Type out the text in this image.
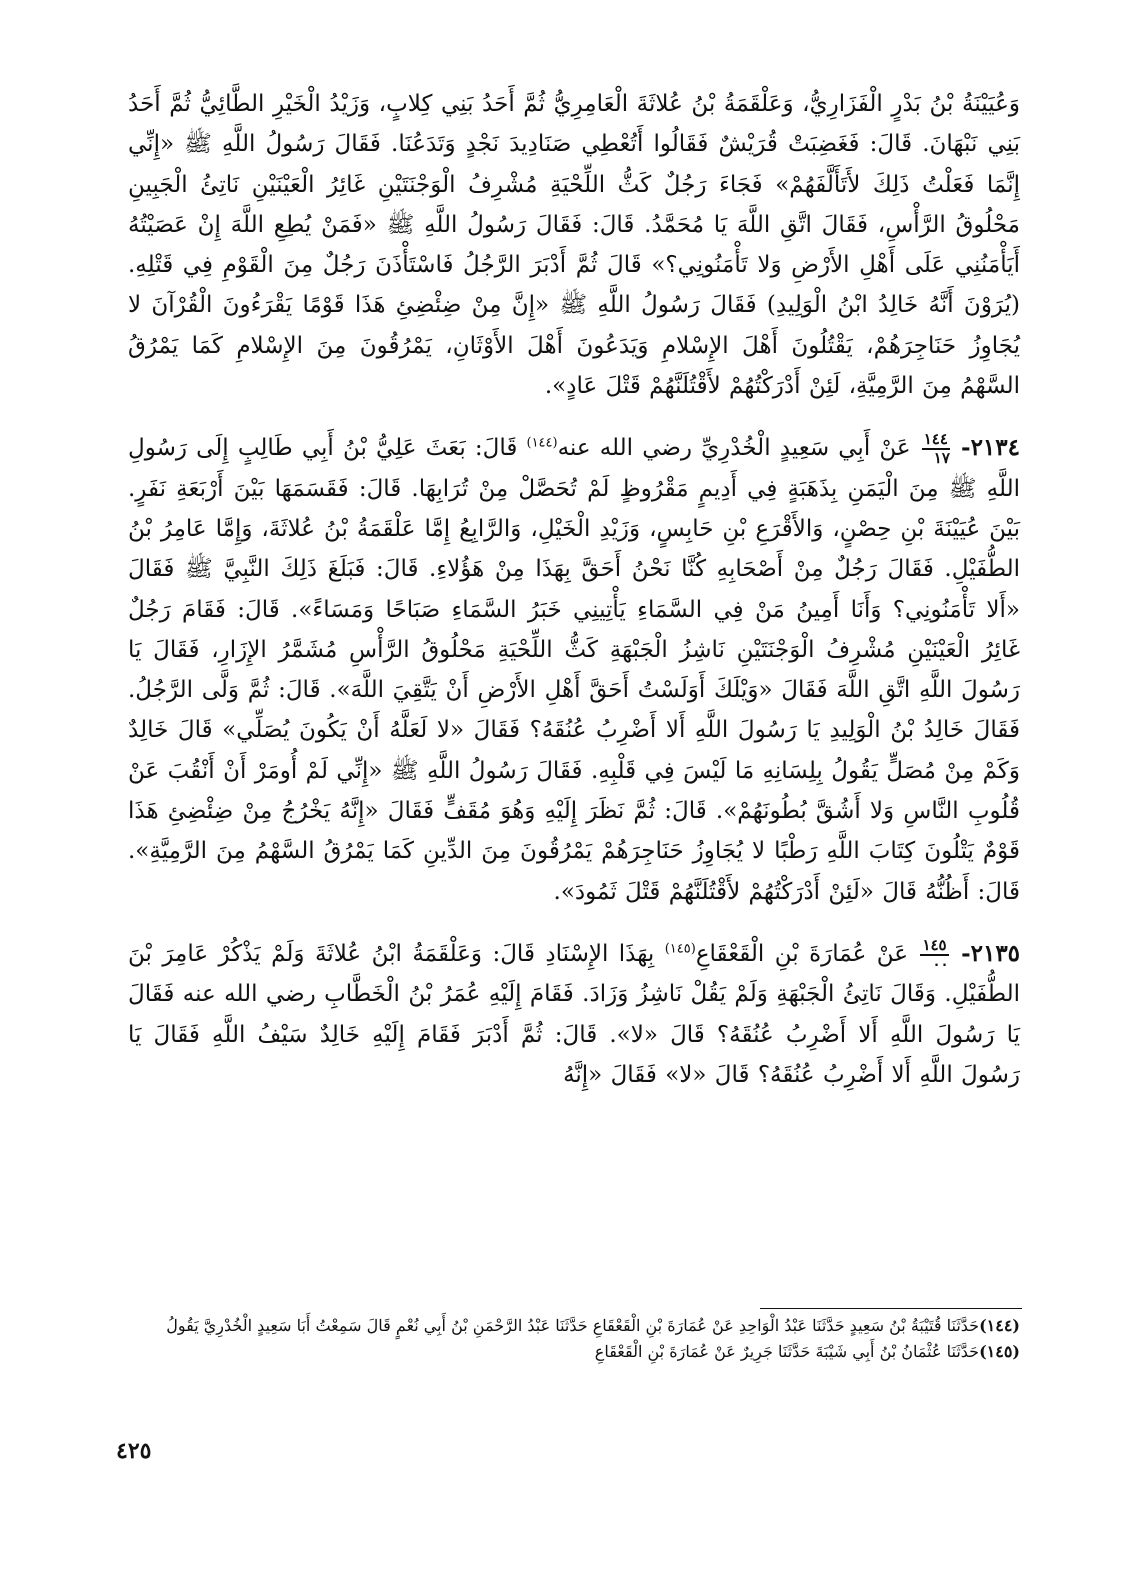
وَعُيَيْنَةُ بْنُ بَدْرٍ الْفَزَارِيُّ، وَعَلْقَمَةُ بْنُ عُلاثَةَ الْعَامِرِيُّ ثُمَّ أَحَدُ بَنِي كِلابٍ، وَزَيْدُ الْخَيْرِ الطَّائِيُّ ثُمَّ أَحَدُ بَنِي نَبْهَانَ. قَالَ: فَغَضِبَتْ قُرَيْشٌ فَقَالُوا أَتُعْطِي صَنَادِيدَ نَجْدٍ وَتَدَعُنَا. فَقَالَ رَسُولُ اللَّهِ ﷺ «إِنِّي إِنَّمَا فَعَلْتُ ذَلِكَ لأَتَأَلَّفَهُمْ» فَجَاءَ رَجُلٌ كَثُّ اللِّحْيَةِ مُشْرِفُ الْوَجْنَتَيْنِ غَائِرُ الْعَيْنَيْنِ نَاتِئُ الْجَبِينِ مَحْلُوقُ الرَّأْسِ، فَقَالَ اتَّقِ اللَّهَ يَا مُحَمَّدُ. قَالَ: فَقَالَ رَسُولُ اللَّهِ ﷺ «فَمَنْ يُطِعِ اللَّهَ إِنْ عَصَيْتُهُ أَيَأْمَنُنِي عَلَى أَهْلِ الأَرْضِ وَلا تَأْمَنُونِي؟» قَالَ ثُمَّ أَدْبَرَ الرَّجُلُ فَاسْتَأْذَنَ رَجُلٌ مِنَ الْقَوْمِ فِي قَتْلِهِ. (يُرَوْنَ أَنَّهُ خَالِدُ ابْنُ الْوَلِيدِ) فَقَالَ رَسُولُ اللَّهِ ﷺ «إِنَّ مِنْ ضِئْضِئِ هَذَا قَوْمًا يَقْرَءُونَ الْقُرْآنَ لا يُجَاوِزُ حَنَاجِرَهُمْ، يَقْتُلُونَ أَهْلَ الإِسْلامِ وَيَدَعُونَ أَهْلَ الأَوْثَانِ، يَمْرُقُونَ مِنَ الإِسْلامِ كَمَا يَمْرُقُ السَّهْمُ مِنَ الرَّمِيَّةِ، لَئِنْ أَدْرَكْتُهُمْ لأَقْتُلَنَّهُمْ قَتْلَ عَادٍ».

٢١٣٤-
$\frac{١٤٤}{١٧}$
عَنْ أَبِي سَعِيدٍ الْخُدْرِيِّ رضي الله عنه$^{(١٤٤)}$ قَالَ: بَعَثَ عَلِيُّ بْنُ أَبِي طَالِبٍ إِلَى رَسُولِ اللَّهِ ﷺ مِنَ الْيَمَنِ بِذَهَبَةٍ فِي أَدِيمٍ مَقْرُوظٍ لَمْ تُحَصَّلْ مِنْ تُرَابِهَا. قَالَ: فَقَسَمَهَا بَيْنَ أَرْبَعَةِ نَفَرٍ. بَيْنَ عُيَيْنَةَ بْنِ حِصْنٍ، وَالأَقْرَعِ بْنِ حَابِسٍ، وَزَيْدِ الْخَيْلِ، وَالرَّابِعُ إِمَّا عَلْقَمَةُ بْنُ عُلاثَةَ، وَإِمَّا عَامِرُ بْنُ الطُّفَيْلِ. فَقَالَ رَجُلٌ مِنْ أَصْحَابِهِ كُنَّا نَحْنُ أَحَقَّ بِهَذَا مِنْ هَؤُلاءِ. قَالَ: فَبَلَغَ ذَلِكَ النَّبِيَّ ﷺ فَقَالَ «أَلا تَأْمَنُونِي؟ وَأَنَا أَمِينُ مَنْ فِي السَّمَاءِ يَأْتِينِي خَبَرُ السَّمَاءِ صَبَاحًا وَمَسَاءً». قَالَ: فَقَامَ رَجُلٌ غَائِرُ الْعَيْنَيْنِ مُشْرِفُ الْوَجْنَتَيْنِ نَاشِزُ الْجَبْهَةِ كَثُّ اللِّحْيَةِ مَحْلُوقُ الرَّأْسِ مُشَمَّرُ الإِزَارِ، فَقَالَ يَا رَسُولَ اللَّهِ اتَّقِ اللَّهَ فَقَالَ «وَيْلَكَ أَوَلَسْتُ أَحَقَّ أَهْلِ الأَرْضِ أَنْ يَتَّقِيَ اللَّهَ». قَالَ: ثُمَّ وَلَّى الرَّجُلُ. فَقَالَ خَالِدُ بْنُ الْوَلِيدِ يَا رَسُولَ اللَّهِ أَلا أَضْرِبُ عُنُقَهُ؟ فَقَالَ «لا لَعَلَّهُ أَنْ يَكُونَ يُصَلِّي» قَالَ خَالِدٌ وَكَمْ مِنْ مُصَلٍّ يَقُولُ بِلِسَانِهِ مَا لَيْسَ فِي قَلْبِهِ. فَقَالَ رَسُولُ اللَّهِ ﷺ «إِنِّي لَمْ أُومَرْ أَنْ أَنْقُبَ عَنْ قُلُوبِ النَّاسِ وَلا أَشُقَّ بُطُونَهُمْ». قَالَ: ثُمَّ نَظَرَ إِلَيْهِ وَهُوَ مُقَفٍّ فَقَالَ «إِنَّهُ يَخْرُجُ مِنْ ضِئْضِئِ هَذَا قَوْمٌ يَتْلُونَ كِتَابَ اللَّهِ رَطْبًا لا يُجَاوِزُ حَنَاجِرَهُمْ يَمْرُقُونَ مِنَ الدِّينِ كَمَا يَمْرُقُ السَّهْمُ مِنَ الرَّمِيَّةِ». قَالَ: أَظُنُّهُ قَالَ «لَئِنْ أَدْرَكْتُهُمْ لأَقْتُلَنَّهُمْ قَتْلَ ثَمُودَ».

٢١٣٥-
$\frac{١٤٥}{٠٠}$
عَنْ عُمَارَةَ بْنِ الْقَعْقَاعِ$^{(١٤٥)}$ بِهَذَا الإِسْنَادِ قَالَ: وَعَلْقَمَةُ ابْنُ عُلاثَةَ وَلَمْ يَذْكُرْ عَامِرَ بْنَ الطُّفَيْلِ. وَقَالَ نَاتِئُ الْجَبْهَةِ وَلَمْ يَقُلْ نَاشِزُ وَزَادَ. فَقَامَ إِلَيْهِ عُمَرُ بْنُ الْخَطَّابِ رضي الله عنه فَقَالَ يَا رَسُولَ اللَّهِ أَلا أَضْرِبُ عُنُقَهُ؟ قَالَ «لا». قَالَ: ثُمَّ أَدْبَرَ فَقَامَ إِلَيْهِ خَالِدٌ سَيْفُ اللَّهِ فَقَالَ يَا رَسُولَ اللَّهِ أَلا أَضْرِبُ عُنُقَهُ؟ قَالَ «لا» فَقَالَ «إِنَّهُ

(١٤٤)حَدَّثَنَا قُتَيْبَةُ بْنُ سَعِيدٍ حَدَّثَنَا عَبْدُ الْوَاحِدِ عَنْ عُمَارَةَ بْنِ الْقَعْقَاعِ حَدَّثَنَا عَبْدُ الرَّحْمَنِ بْنُ أَبِي نُعْمٍ قَالَ سَمِعْتُ أَبَا سَعِيدٍ الْخُدْرِيَّ يَقُولُ

(١٤٥)حَدَّثَنَا عُثْمَانُ بْنُ أَبِي شَيْبَةَ حَدَّثَنَا جَرِيرٌ عَنْ عُمَارَةَ بْنِ الْقَعْقَاعِ

٤٢٥
